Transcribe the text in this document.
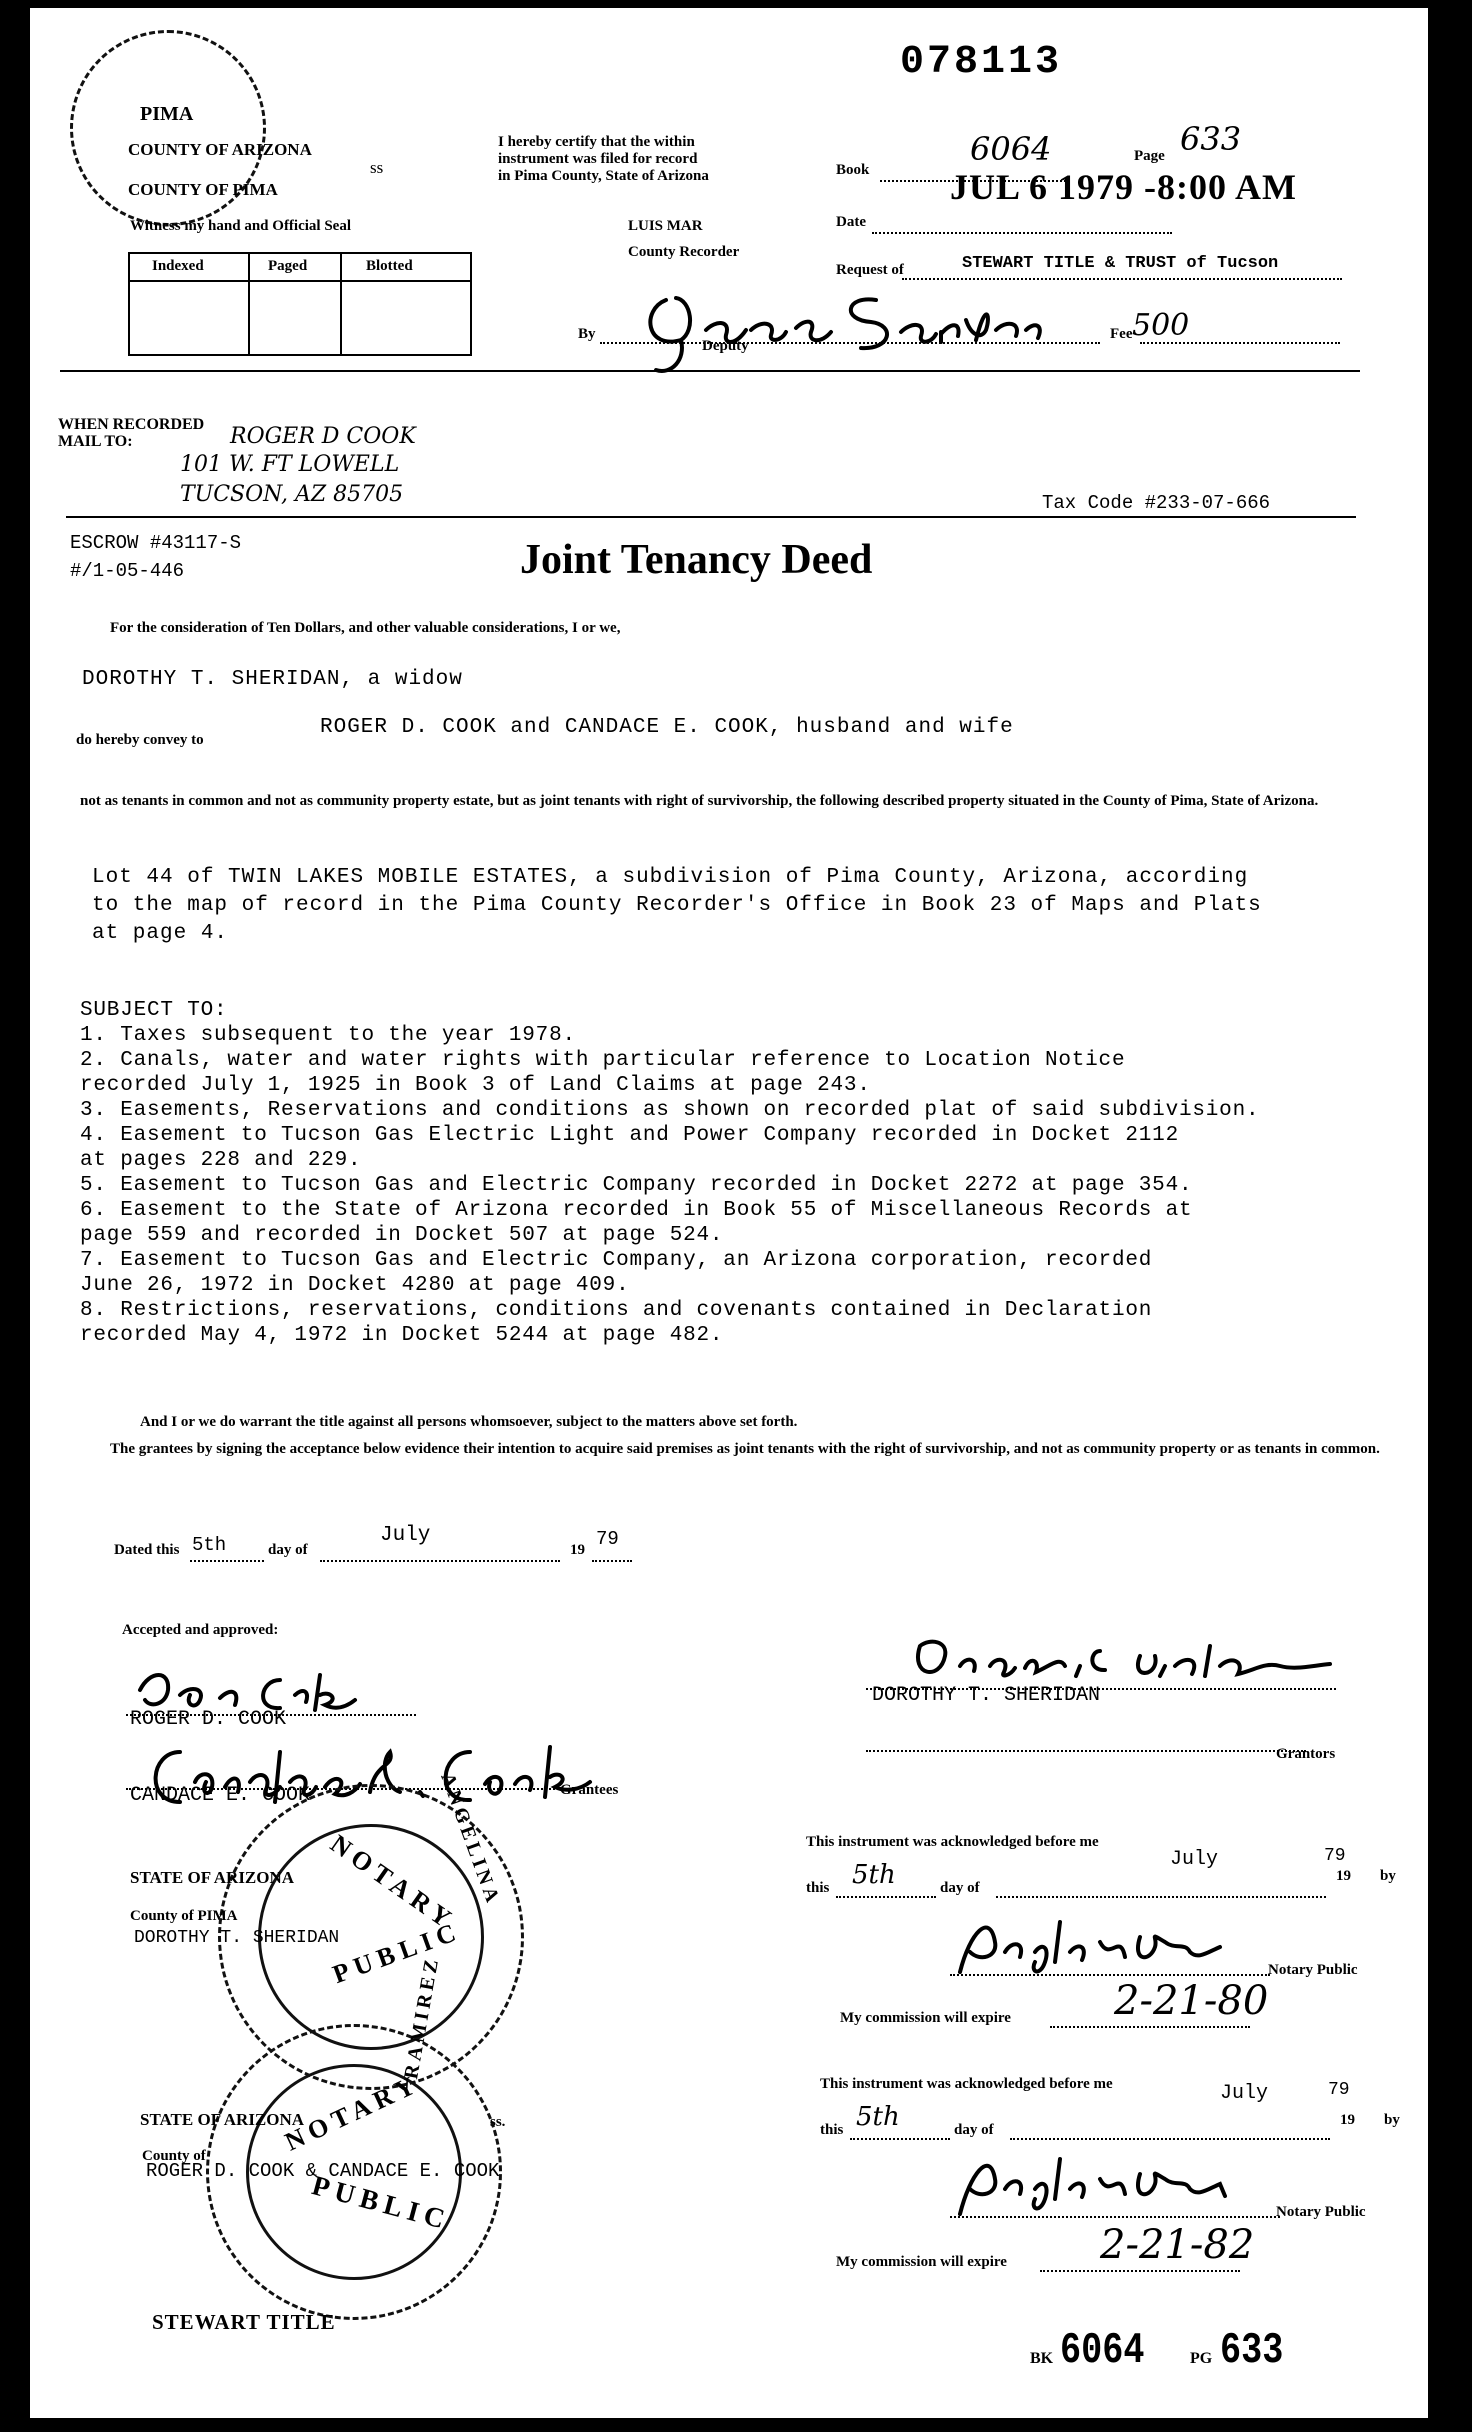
078113
PIMA
COUNTY OF ARIZONA
COUNTY OF PIMA
ss
Witness my hand and Official Seal
Indexed	Paged	Blotted
I hereby certify that the within
instrument was filed for record
in Pima County, State of Arizona	Book
6064	Page 633
JUL 6 1979 -8:00 AM
Date
LUIS MAR
County Recorder
Request of	STEWART TITLE & TRUST of Tucson
By
Deputy
Fee 500
WHEN RECORDED
MAIL TO:	ROGER D COOK
101 W. FT LOWELL
TUCSON, AZ 85705
ESCROW #43117-S
#/1-05-446
Tax Code #233-07-666
Joint Tenancy Deed
For the consideration of Ten Dollars, and other valuable considerations, I or we,
DOROTHY T. SHERIDAN, a widow
do hereby convey to
ROGER D. COOK and CANDACE E. COOK, husband and wife
not as tenants in common and not as community property estate, but as joint tenants with right of survivorship, the following described property situated in the County of Pima, State of Arizona.
Lot 44 of TWIN LAKES MOBILE ESTATES, a subdivision of Pima County, Arizona, according
to the map of record in the Pima County Recorder's Office in Book 23 of Maps and Plats
at page 4.
SUBJECT TO:
1. Taxes subsequent to the year 1978.
2. Canals, water and water rights with particular reference to Location Notice
recorded July 1, 1925 in Book 3 of Land Claims at page 243.
3. Easements, Reservations and conditions as shown on recorded plat of said subdivision.
4. Easement to Tucson Gas Electric Light and Power Company recorded in Docket 2112
at pages 228 and 229.
5. Easement to Tucson Gas and Electric Company recorded in Docket 2272 at page 354.
6. Easement to the State of Arizona recorded in Book 55 of Miscellaneous Records at
page 559 and recorded in Docket 507 at page 524.
7. Easement to Tucson Gas and Electric Company, an Arizona corporation, recorded
June 26, 1972 in Docket 4280 at page 409.
8. Restrictions, reservations, conditions and covenants contained in Declaration
recorded May 4, 1972 in Docket 5244 at page 482.
And I or we do warrant the title against all persons whomsoever, subject to the matters above set forth.
The grantees by signing the acceptance below evidence their intention to acquire said premises as joint tenants with the right of survivorship, and not as community property or as tenants in common.
Dated this 5th	day of
July
19 79
Accepted and approved:
ROGER D. COOK
CANDACE E. COOK	Grantees
DOROTHY T. SHERIDAN
Grantors
NOTARY
PUBLIC
ANGELINA
NOTARY
PUBLIC
RAMIREZ
STATE OF ARIZONA
County of PIMA
DOROTHY T. SHERIDAN
This instrument was acknowledged before me
this 5th	day of
July
19
79
by
Notary Public
My commission will expire	2-21-80
STATE OF ARIZONA	ss.
County of
ROGER D. COOK & CANDACE E. COOK
This instrument was acknowledged before me
this 5th	day of
July
19
79
by
Notary Public
My commission will expire 2-21-82
STEWART TITLE
BK 6064	PG 633
